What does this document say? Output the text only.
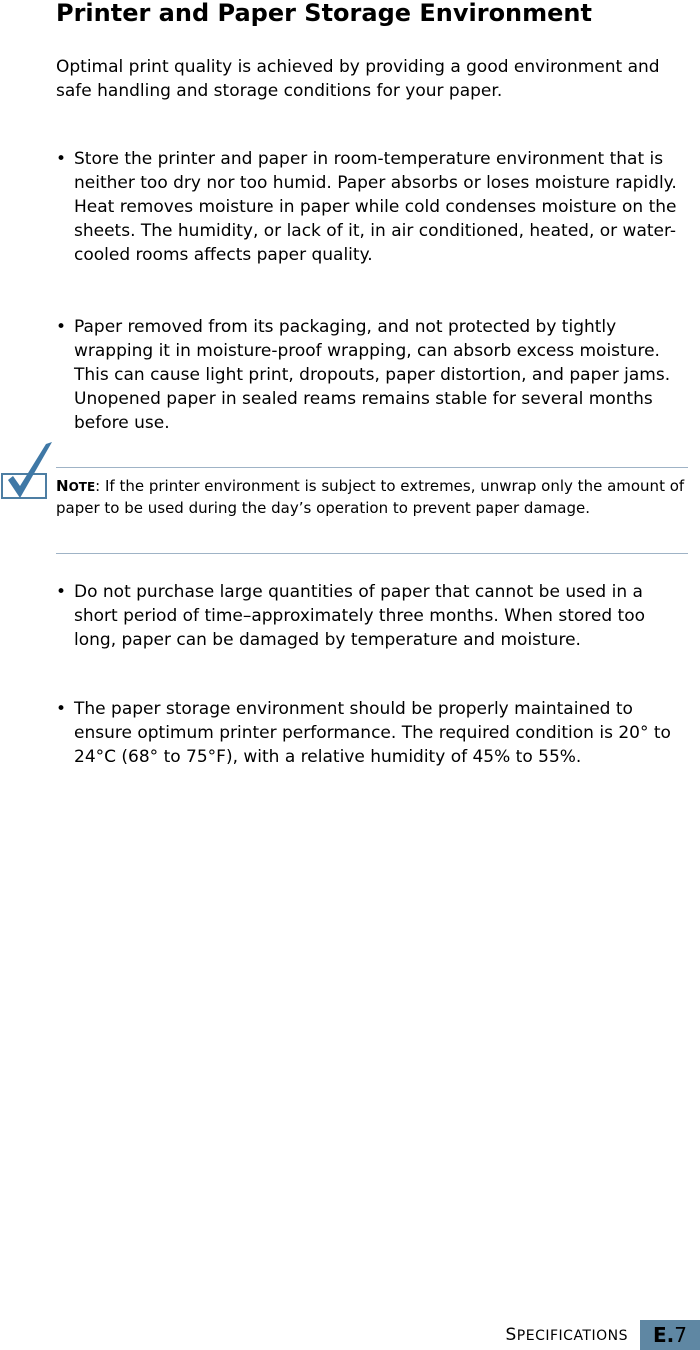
Printer and Paper Storage Environment

Optimal print quality is achieved by providing a good environment and safe handling and storage conditions for your paper.

• Store the printer and paper in room-temperature environment that is neither too dry nor too humid. Paper absorbs or loses moisture rapidly. Heat removes moisture in paper while cold condenses moisture on the sheets. The humidity, or lack of it, in air conditioned, heated, or water-cooled rooms affects paper quality.
• Paper removed from its packaging, and not protected by tightly wrapping it in moisture-proof wrapping, can absorb excess moisture. This can cause light print, dropouts, paper distortion, and paper jams. Unopened paper in sealed reams remains stable for several months before use.
NOTE: If the printer environment is subject to extremes, unwrap only the amount of paper to be used during the day’s operation to prevent paper damage.
• Do not purchase large quantities of paper that cannot be used in a short period of time–approximately three months. When stored too long, paper can be damaged by temperature and moisture.
• The paper storage environment should be properly maintained to ensure optimum printer performance. The required condition is 20° to 24°C (68° to 75°F), with a relative humidity of 45% to 55%.
SPECIFICATIONS E. 7
